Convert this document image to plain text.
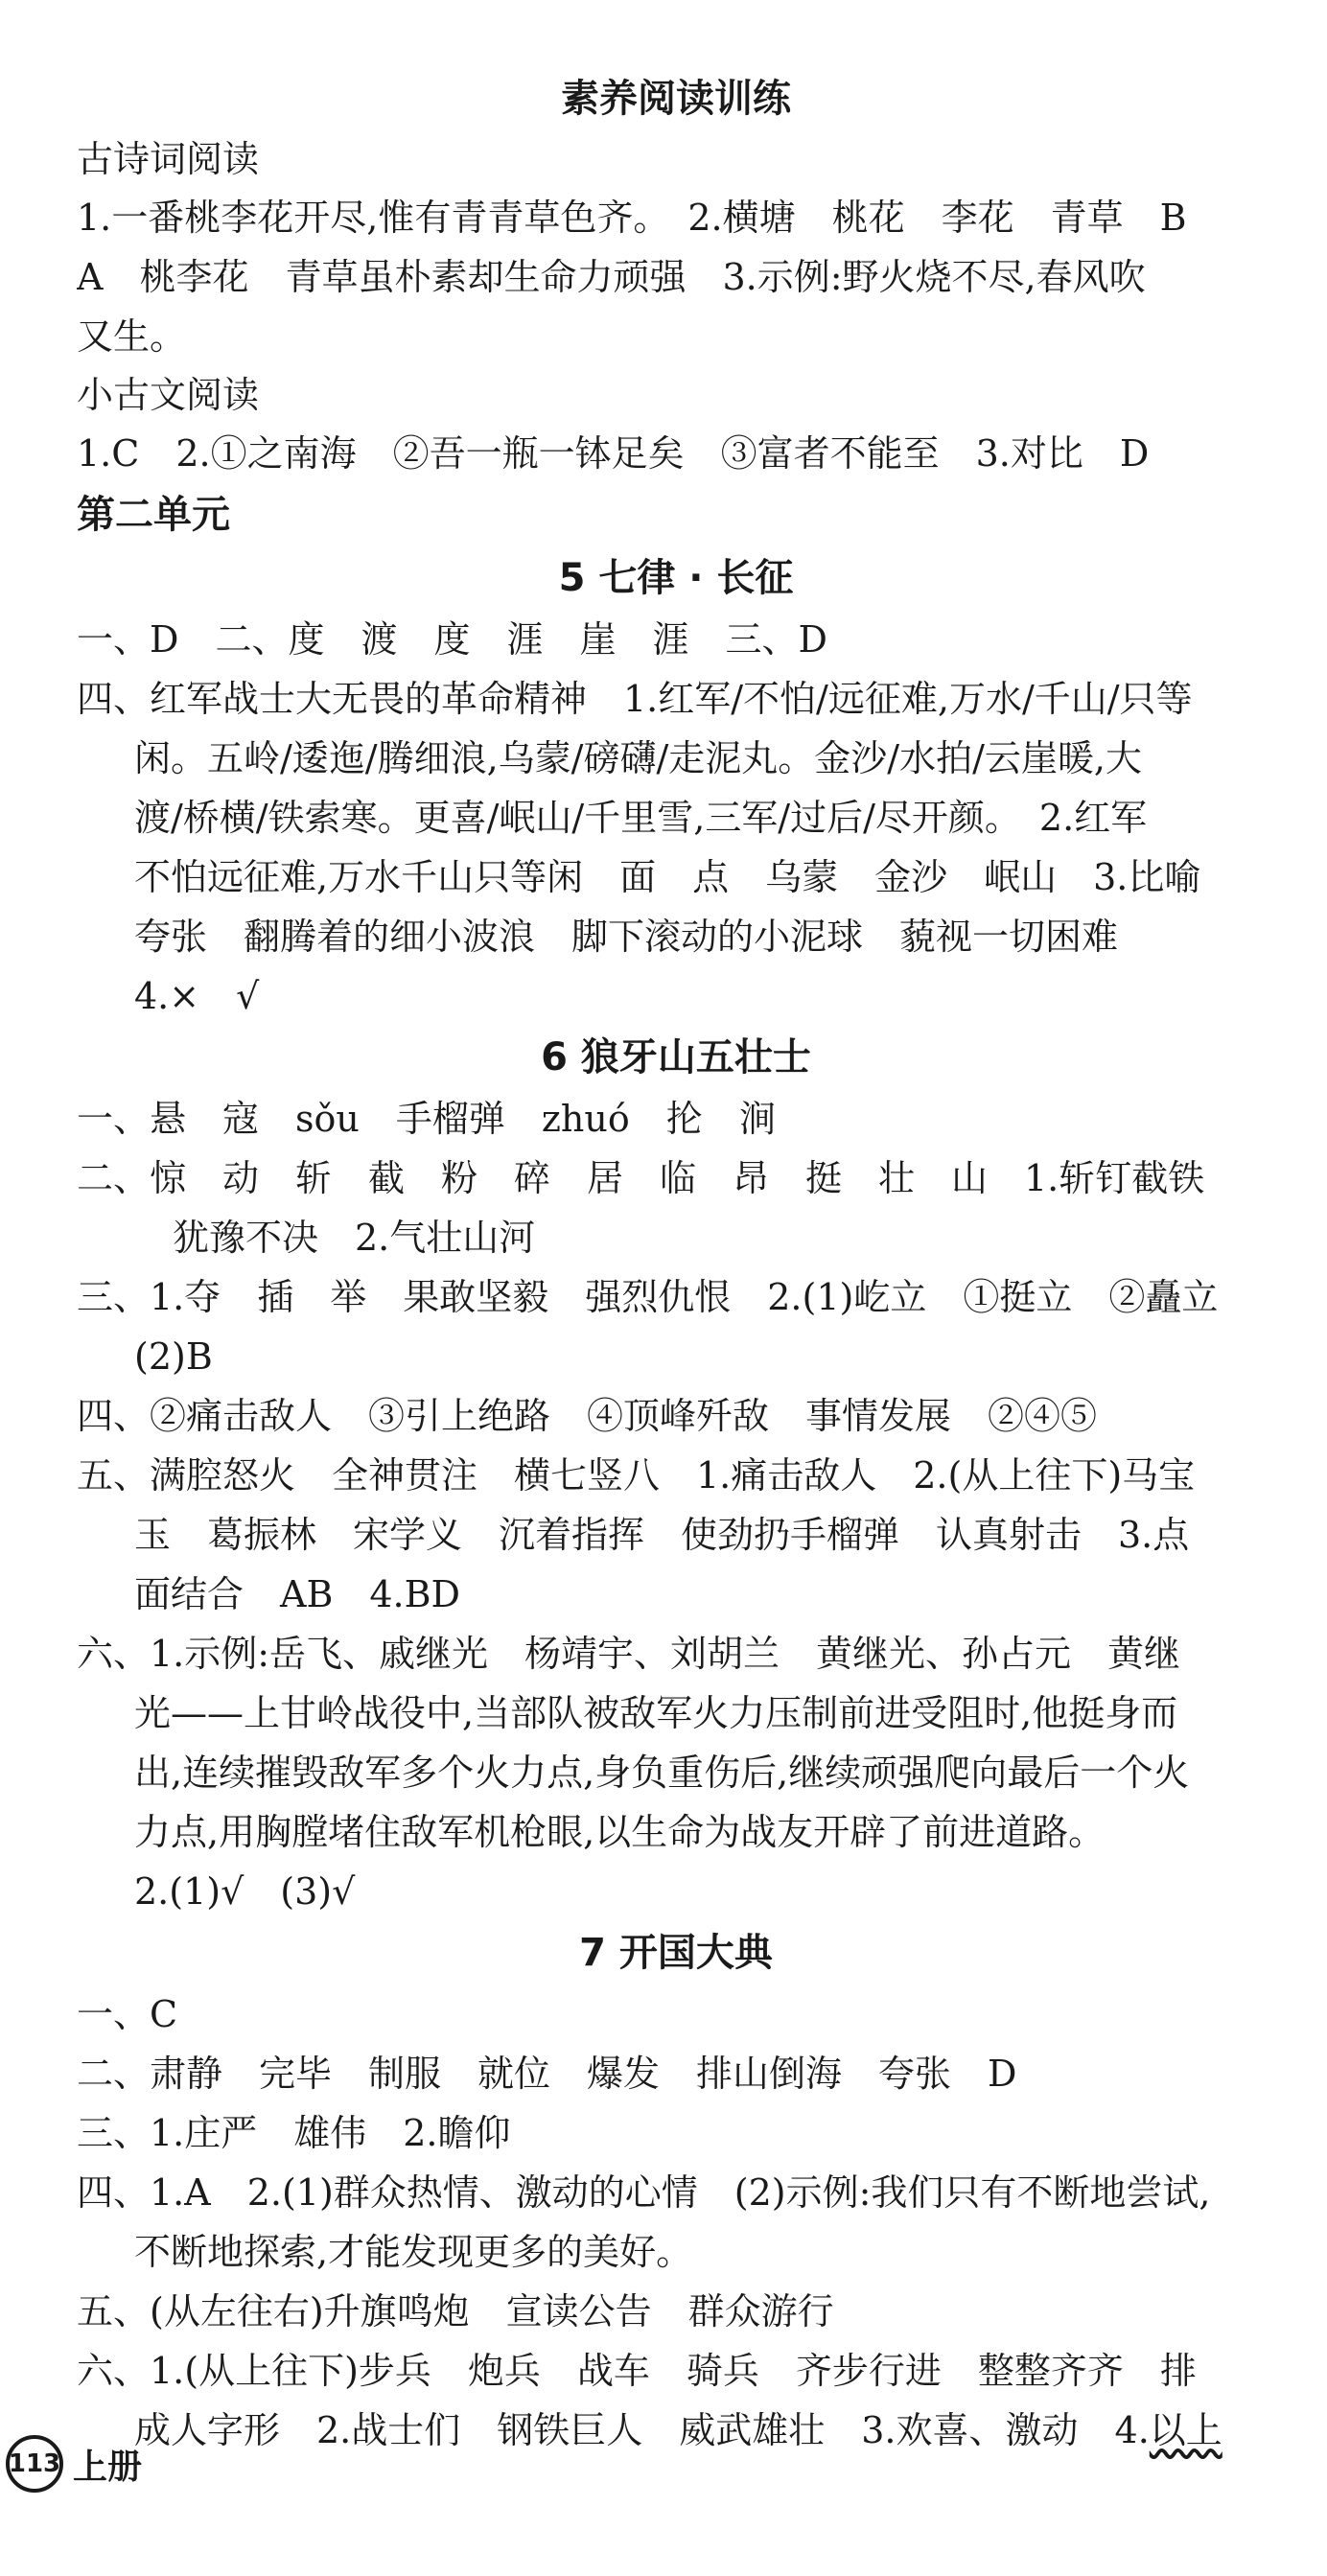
素养阅读训练
古诗词阅读
1.一番桃李花开尽,惟有青青草色齐。　2.横塘　桃花　李花　青草　B
A　桃李花　青草虽朴素却生命力顽强　3.示例:野火烧不尽,春风吹
又生。
小古文阅读
1.C　2.①之南海　②吾一瓶一钵足矣　③富者不能至　3.对比　D
第二单元
5 七律 · 长征
一、D　二、度　渡　度　涯　崖　涯　三、D
四、红军战士大无畏的革命精神　1.红军/不怕/远征难,万水/千山/只等
闲。五岭/逶迤/腾细浪,乌蒙/磅礴/走泥丸。金沙/水拍/云崖暖,大
渡/桥横/铁索寒。更喜/岷山/千里雪,三军/过后/尽开颜。　2.红军
不怕远征难,万水千山只等闲　面　点　乌蒙　金沙　岷山　3.比喻
夸张　翻腾着的细小波浪　脚下滚动的小泥球　藐视一切困难
4.×　√
6 狼牙山五壮士
一、悬　寇　sǒu　手榴弹　zhuó　抡　涧
二、惊　动　斩　截　粉　碎　居　临　昂　挺　壮　山　1.斩钉截铁
犹豫不决　2.气壮山河
三、1.夺　插　举　果敢坚毅　强烈仇恨　2.(1)屹立　①挺立　②矗立
(2)B
四、②痛击敌人　③引上绝路　④顶峰歼敌　事情发展　②④⑤
五、满腔怒火　全神贯注　横七竖八　1.痛击敌人　2.(从上往下)马宝
玉　葛振林　宋学义　沉着指挥　使劲扔手榴弹　认真射击　3.点
面结合　AB　4.BD
六、1.示例:岳飞、戚继光　杨靖宇、刘胡兰　黄继光、孙占元　黄继
光——上甘岭战役中,当部队被敌军火力压制前进受阻时,他挺身而
出,连续摧毁敌军多个火力点,身负重伤后,继续顽强爬向最后一个火
力点,用胸膛堵住敌军机枪眼,以生命为战友开辟了前进道路。
2.(1)√　(3)√
7 开国大典
一、C
二、肃静　完毕　制服　就位　爆发　排山倒海　夸张　D
三、1.庄严　雄伟　2.瞻仰
四、1.A　2.(1)群众热情、激动的心情　(2)示例:我们只有不断地尝试,
不断地探索,才能发现更多的美好。
五、(从左往右)升旗鸣炮　宣读公告　群众游行
六、1.(从上往下)步兵　炮兵　战车　骑兵　齐步行进　整整齐齐　排
成人字形　2.战士们　钢铁巨人　威武雄壮　3.欢喜、激动　4.以上
113 上册
